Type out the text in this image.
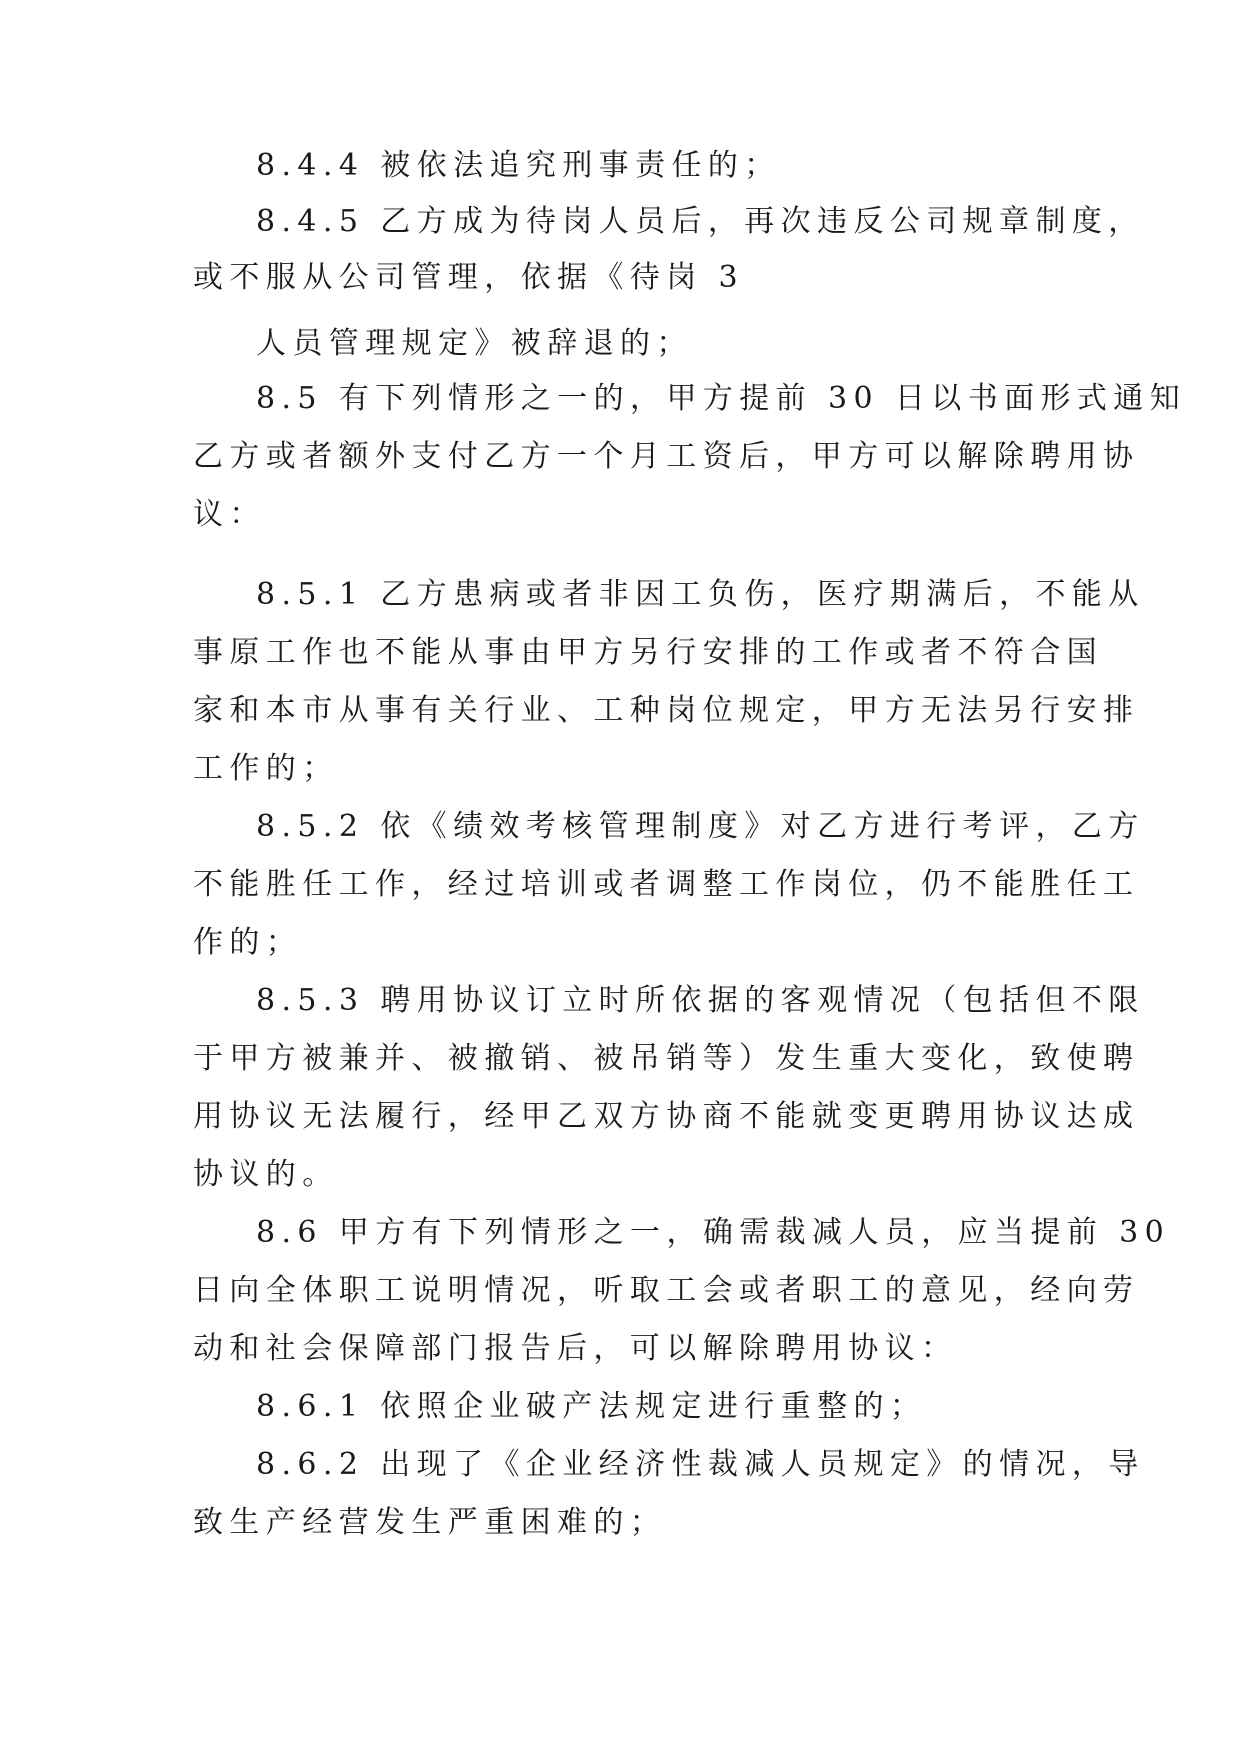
8.4.4 被依法追究刑事责任的；
8.4.5 乙方成为待岗人员后，再次违反公司规章制度，
或不服从公司管理，依据《待岗 3
人员管理规定》被辞退的；
8.5 有下列情形之一的，甲方提前 30 日以书面形式通知
乙方或者额外支付乙方一个月工资后，甲方可以解除聘用协
议：
8.5.1 乙方患病或者非因工负伤，医疗期满后，不能从
事原工作也不能从事由甲方另行安排的工作或者不符合国
家和本市从事有关行业、工种岗位规定，甲方无法另行安排
工作的；
8.5.2 依《绩效考核管理制度》对乙方进行考评，乙方
不能胜任工作，经过培训或者调整工作岗位，仍不能胜任工
作的；
8.5.3 聘用协议订立时所依据的客观情况（包括但不限
于甲方被兼并、被撤销、被吊销等）发生重大变化，致使聘
用协议无法履行，经甲乙双方协商不能就变更聘用协议达成
协议的。
8.6 甲方有下列情形之一，确需裁减人员，应当提前 30
日向全体职工说明情况，听取工会或者职工的意见，经向劳
动和社会保障部门报告后，可以解除聘用协议：
8.6.1 依照企业破产法规定进行重整的；
8.6.2 出现了《企业经济性裁减人员规定》的情况，导
致生产经营发生严重困难的；
